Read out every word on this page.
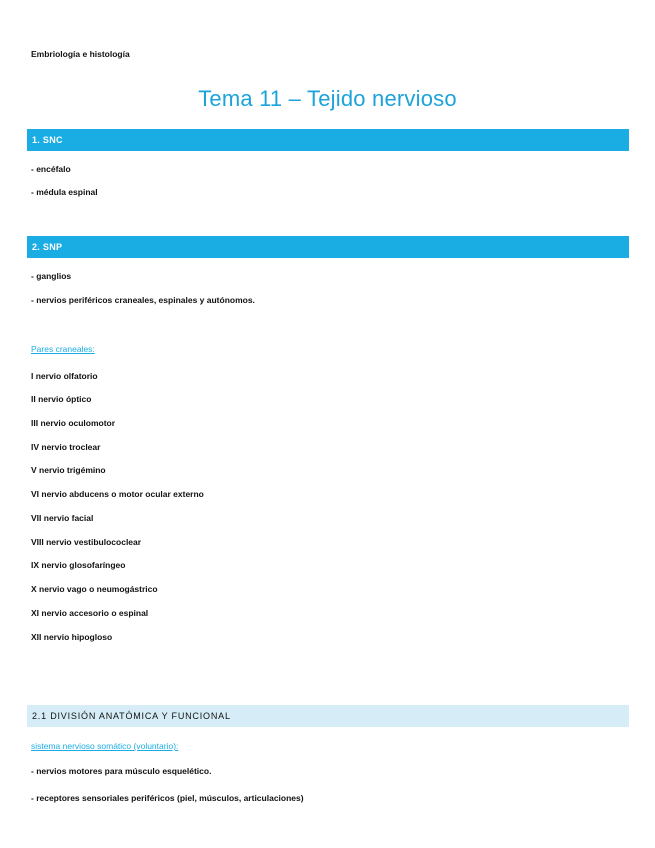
Embriología e histología
Tema 11 – Tejido nervioso
1. SNC
- encéfalo
- médula espinal
2. SNP
- ganglios
- nervios periféricos craneales, espinales y autónomos.
Pares craneales:
I nervio olfatorio
II nervio óptico
III nervio oculomotor
IV nervio troclear
V nervio trigémino
VI nervio abducens o motor ocular externo
VII nervio facial
VIII nervio vestibulococlear
IX nervio glosofaríngeo
X nervio vago o neumogástrico
XI nervio accesorio o espinal
XII nervio hipogloso
2.1 DIVISIÓN ANATÓMICA Y FUNCIONAL
sistema nervioso somático (voluntario):
- nervios motores para músculo esquelético.
- receptores sensoriales periféricos (piel, músculos, articulaciones)
